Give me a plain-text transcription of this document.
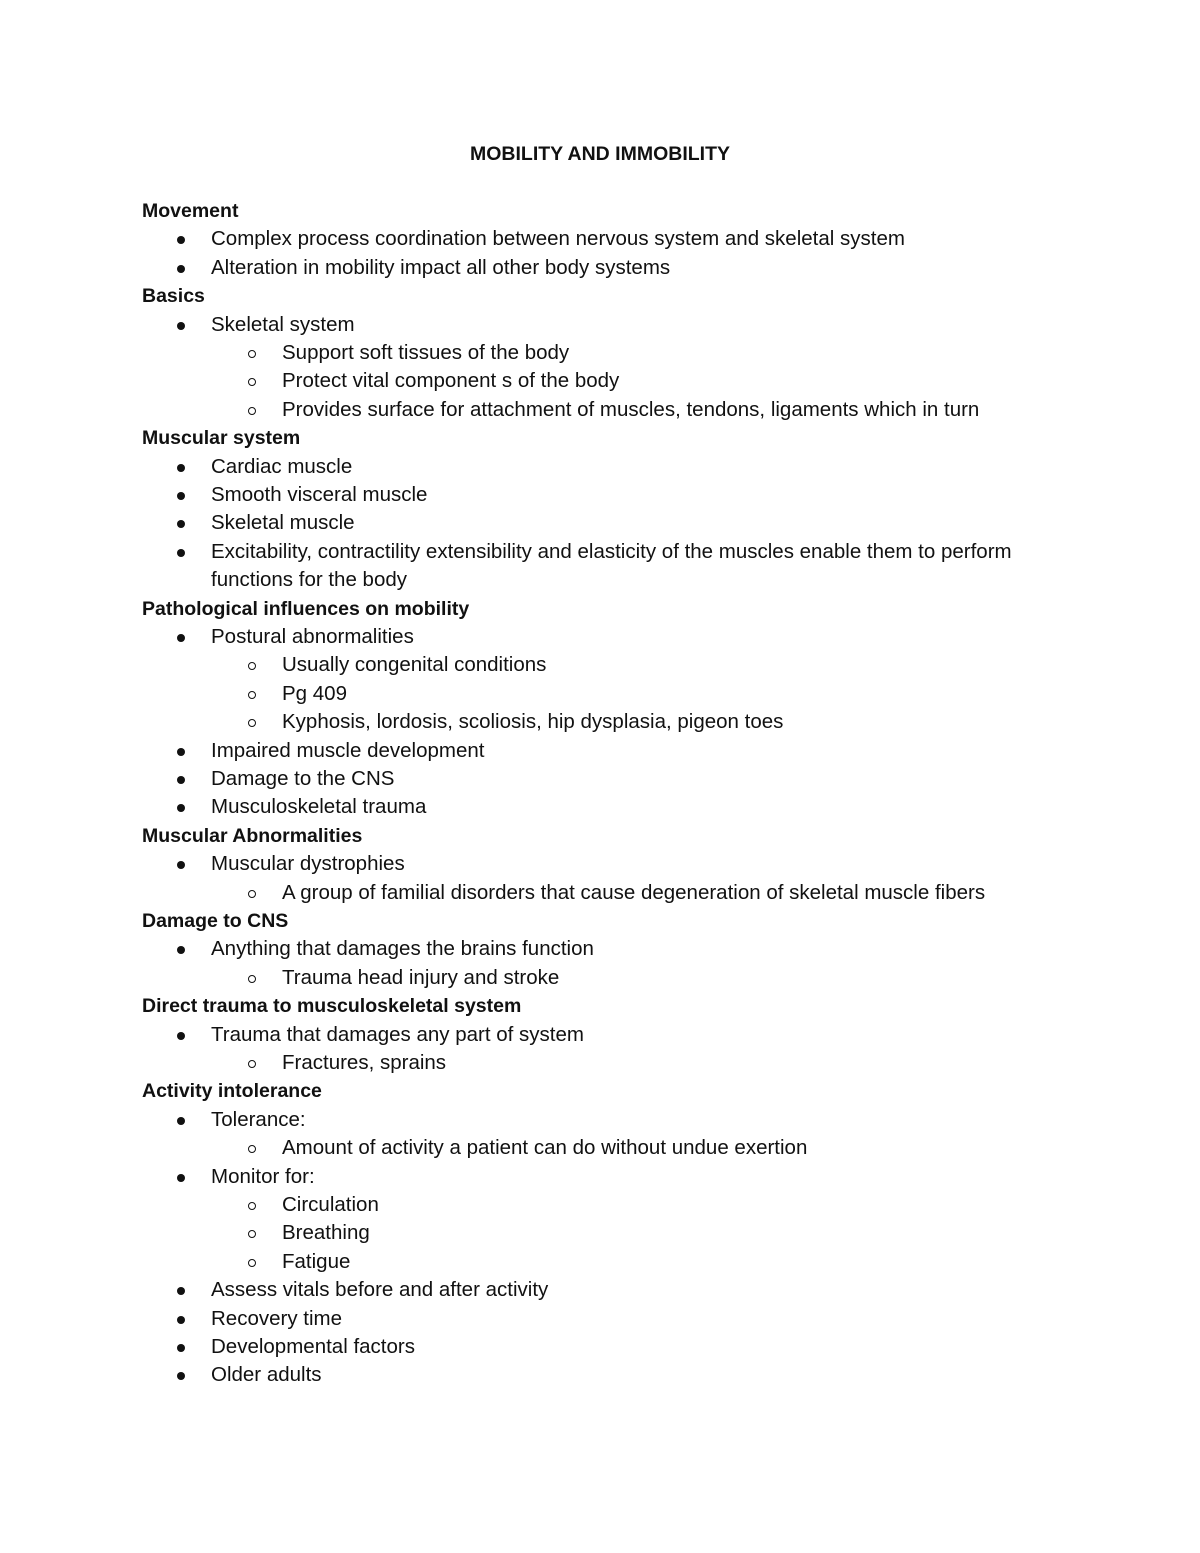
MOBILITY AND IMMOBILITY
Movement
Complex process coordination between nervous system and skeletal system
Alteration in mobility impact all other body systems
Basics
Skeletal system
Support soft tissues of the body
Protect vital component s of the body
Provides surface for attachment of muscles, tendons, ligaments which in turn
Muscular system
Cardiac muscle
Smooth visceral muscle
Skeletal muscle
Excitability, contractility extensibility and elasticity of the muscles enable them to perform
functions for the body
Pathological influences on mobility
Postural abnormalities
Usually congenital conditions
Pg 409
Kyphosis, lordosis, scoliosis, hip dysplasia, pigeon toes
Impaired muscle development
Damage to the CNS
Musculoskeletal trauma
Muscular Abnormalities
Muscular dystrophies
A group of familial disorders that cause degeneration of skeletal muscle fibers
Damage to CNS
Anything that damages the brains function
Trauma head injury and stroke
Direct trauma to musculoskeletal system
Trauma that damages any part of system
Fractures, sprains
Activity intolerance
Tolerance:
Amount of activity a patient can do without undue exertion
Monitor for:
Circulation
Breathing
Fatigue
Assess vitals before and after activity
Recovery time
Developmental factors
Older adults
